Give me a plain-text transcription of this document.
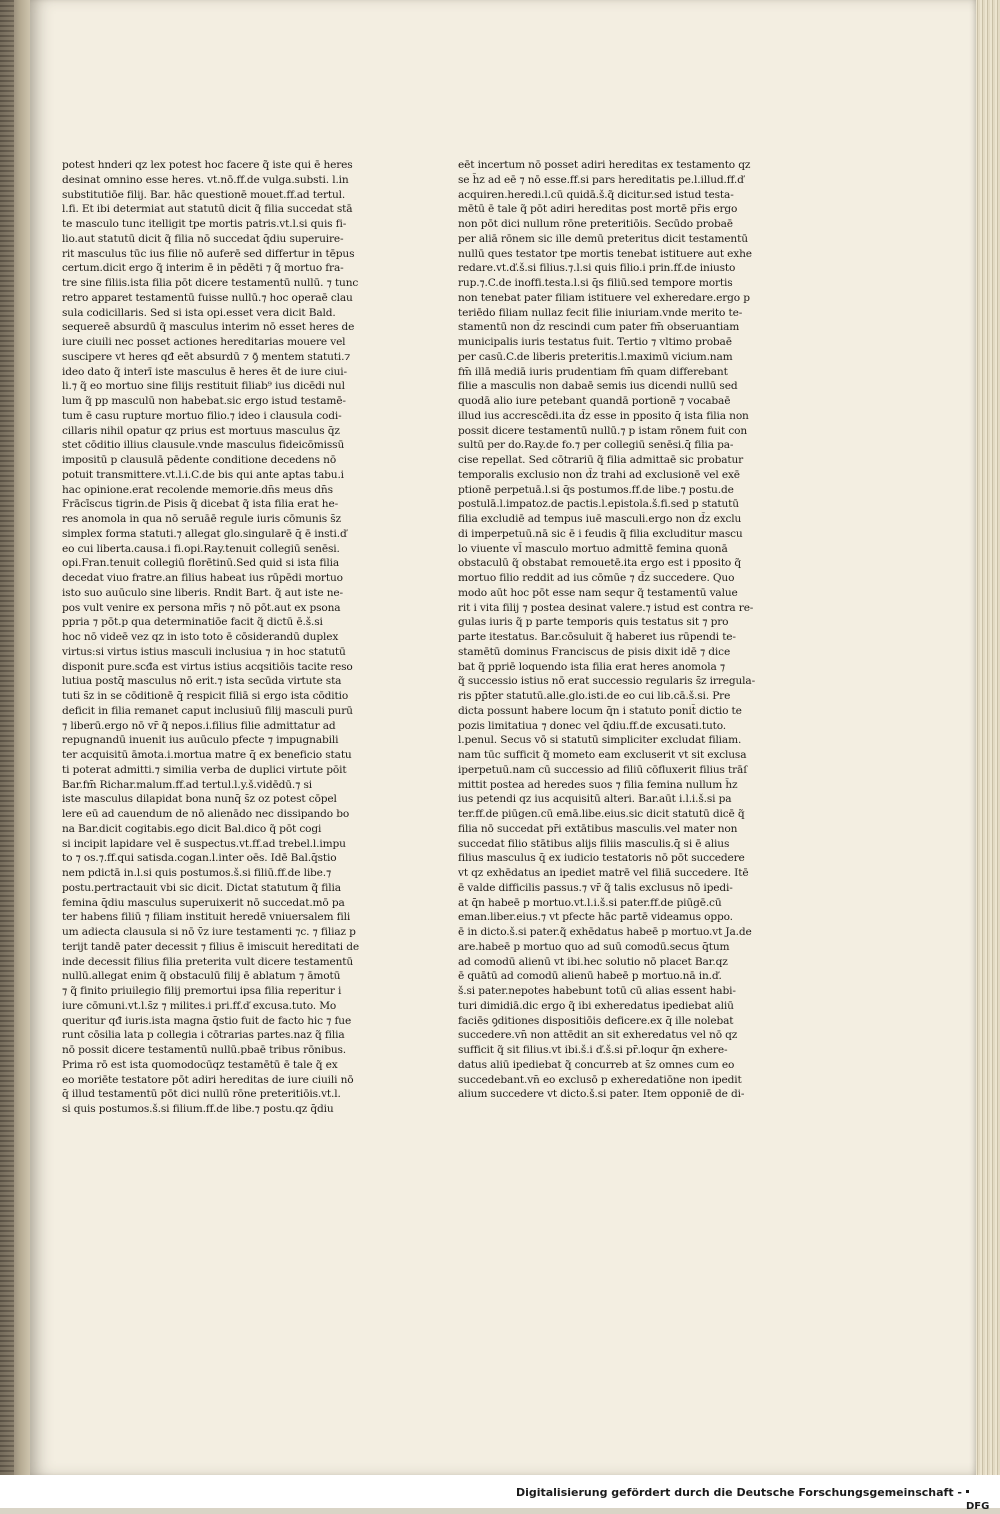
potest hnderi qz lex potest hoc facere q̃ iste qui ē heres
desinat omnino esse heres. vt.nō.ff.de vulga.substi. l.in
substitutiōe filij. Bar. hāc questionē mouet.ff.ad tertul.
l.fi. Et ibi determiat aut statutū dicit q̃ filia succedat stā
te masculo tunc itelligit tpe mortis patris.vt.l.si quis fi-
lio.aut statutū dicit q̃ filia nō succedat q̄diu superuire-
rit masculus tūc ius filie nō auferē sed differtur in tēpus
certum.dicit ergo q̃ interim ē in pēdēti ⁊ q̃ mortuo fra-
tre sine filiis.ista filia pōt dicere testamentū nullū. ⁊ tunc
retro apparet testamentū fuisse nullū.⁊ hoc operaē clau
sula codicillaris. Sed si ista opi.esset vera dicit Bald.
sequereē absurdū q̃ masculus interim nō esset heres de
iure ciuili nec posset actiones hereditarias mouere vel
suscipere vt heres qđ eēt absurdū ⁊ ꝯ̄ mentem statuti.⁊
ideo dato q̃ interī iste masculus ē heres ēt de iure ciui-
li.⁊ q̃ eo mortuo sine filijs restituit filiab⁹ ius dicēdi nul
lum q̃ pp masculū non habebat.sic ergo istud testamē-
tum ē casu rupture mortuo filio.⁊ ideo i clausula codi-
cillaris nihil opatur qz prius est mortuus masculus q̄z
stet cōditio illius clausule.vnde masculus fideicōmissū
impositū p clausulā pēdente conditione decedens nō
potuit transmittere.vt.l.i.C.de bis qui ante aptas tabu.i
hac opinione.erat recolende memorie.dn̄s meus dn̄s
Frācīscus tigrin.de Pisis q̃ dicebat q̃ ista filia erat he-
res anomola in qua nō seruāē regule iuris cōmunis s̄z
simplex forma statuti.⁊ allegat glo.singularē q̄ ē insti.ď
eo cui liberta.causa.i fi.opi.Ray.tenuit collegiū senēsi.
opi.Fran.tenuit collegiū florētinū.Sed quid si ista filia
decedat viuo fratre.an filius habeat ius rūpēdi mortuo
isto suo auūculo sine liberis. Rndit Bart. q̃ aut iste ne-
pos vult venire ex persona mr̄is ⁊ nō pōt.aut ex psona
ppria ⁊ pōt.p qua determinatiōe facit q̃ dictū ē.š.si
hoc nō videē vez qz in isto toto ē cōsiderandū duplex
virtus:si virtus istius masculi inclusiua ⁊ in hoc statutū
disponit pure.scđa est virtus istius acqsitiōis tacite reso
lutiua postq̄ masculus nō erit.⁊ ista secūda virtute sta
tuti s̄z in se cōditionē q̄ respicit filiā si ergo ista cōditio
deficit in filia remanet caput inclusiuū filij masculi purū
⁊ liberū.ergo nō vr̄ q̃ nepos.i.filius filie admittatur ad
repugnandū inuenit ius auūculo pfecte ⁊ impugnabili
ter acquisitū āmota.i.mortua matre q̄ ex beneficio statu
ti poterat admitti.⁊ similia verba de duplici virtute pōit
Bar.fm̄ Richar.malum.ff.ad tertul.l.y.š.vidēdū.⁊ si
iste masculus dilapidat bona nunq̄ s̄z oz potest cōpel
lere eū ad cauendum de nō alienādo nec dissipando bo
na Bar.dicit cogitabis.ego dicit Bal.dico q̃ pōt cogi
si incipit lapidare vel ē suspectus.vt.ff.ad trebel.l.impu
to ⁊ os.⁊.ff.qui satisda.cogan.l.inter oēs. Idē Bal.q̄stio
nem pdictā in.l.si quis postumos.š.si filiū.ff.de libe.⁊
postu.pertractauit vbi sic dicit. Dictat statutum q̃ filia
femina q̄diu masculus superuixerit nō succedat.mō pa
ter habens filiū ⁊ filiam instituit heredē vniuersalem fili
um adiecta clausula si nō v̄z iure testamenti ⁊c. ⁊ filiaz p
terijt tandē pater decessit ⁊ filius ē imiscuit hereditati de
inde decessit filius filia preterita vult dicere testamentū
nullū.allegat enim q̃ obstaculū filij ē ablatum ⁊ āmotū
⁊ q̃ finito priuilegio filij premortui ipsa filia reperitur i
iure cōmuni.vt.l.s̄z ⁊ milites.i pri.ff.ď excusa.tuto. Mo
queritur qđ iuris.ista magna q̄stio fuit de facto hic ⁊ fue
runt cōsilia lata p collegia i cōtrarias partes.naz q̃ filia
nō possit dicere testamentū nullū.pbaē tribus rōnibus.
Prima rō est ista quomodocūqz testamētū ē tale q̃ ex
eo moriēte testatore pōt adiri hereditas de iure ciuili nō
q̄ illud testamentū pōt dici nullū rōne preteritiōis.vt.l.
si quis postumos.š.si filium.ff.de libe.⁊ postu.qz q̄diu
eēt incertum nō posset adiri hereditas ex testamento qz
se h̄z ad eē ⁊ nō esse.ff.si pars hereditatis pe.l.illud.ff.ď
acquiren.heredi.l.cū quidā.š.q̃ dicitur.sed istud testa-
mētū ē tale q̃ pōt adiri hereditas post mortē pr̄is ergo
non pōt dici nullum rōne preteritiōis. Secūdo probaē
per aliā rōnem sic ille demū preteritus dicit testamentū
nullū ques testator tpe mortis tenebat istituere aut exhe
redare.vt.ď.š.si filius.⁊.l.si quis filio.i prin.ff.de iniusto
rup.⁊.C.de inoffi.testa.l.si q̄s filiū.sed tempore mortis
non tenebat pater filiam istituere vel exheredare.ergo p
teriēdo filiam nullaz fecit filie iniuriam.vnde merito te-
stamentū non d̄z rescindi cum pater fm̄ obseruantiam
municipalis iuris testatus fuit. Tertio ⁊ vltimo probaē
per casū.C.de liberis preteritis.l.maximū vicium.nam
fm̄ illā mediā iuris prudentiam fm̄ quam differebant
filie a masculis non dabaē semis ius dicendi nullū sed
quodā alio iure petebant quandā portionē ⁊ vocabaē
illud ius accrescēdi.ita d̄z esse in pposito q̄ ista filia non
possit dicere testamentū nullū.⁊ p istam rōnem fuit con
sultū per do.Ray.de fo.⁊ per collegiū senēsi.q̄ filia pa-
cise repellat. Sed cōtrariū q̃ filia admittaē sic probatur
temporalis exclusio non d̄z trahi ad exclusionē vel exē
ptionē perpetuā.l.si q̄s postumos.ff.de libe.⁊ postu.de
postulā.l.impatoz.de pactis.l.epistola.š.fi.sed p statutū
filia excludiē ad tempus iuē masculi.ergo non d̄z exclu
di imperpetuū.nā sic ē i feudis q̃ filia excluditur mascu
lo viuente vl̄ masculo mortuo admittē femina quonā
obstaculū q̃ obstabat remouetē.ita ergo est i pposito q̃
mortuo filio reddit ad ius cōmūe ⁊ d̄z succedere. Quo
modo aūt hoc pōt esse nam sequr q̃ testamentū value
rit i vita filij ⁊ postea desinat valere.⁊ istud est contra re-
gulas iuris q̃ p parte temporis quis testatus sit ⁊ pro
parte itestatus. Bar.cōsuluit q̃ haberet ius rūpendi te-
stamētū dominus Franciscus de pisis dixit idē ⁊ dice
bat q̃ ppriē loquendo ista filia erat heres anomola ⁊
q̃ successio istius nō erat successio regularis s̄z irregula-
ris pp̄ter statutū.alle.glo.isti.de eo cui lib.cā.š.si. Pre
dicta possunt habere locum q̄n i statuto ponit̄ dictio te
pozis limitatiua ⁊ donec vel q̄diu.ff.de excusati.tuto.
l.penul. Secus vō si statutū simpliciter excludat filiam.
nam tūc sufficit q̃ mometo eam excluserit vt sit exclusa
iperpetuū.nam cū successio ad filiū cōfluxerit filius trāſ
mittit postea ad heredes suos ⁊ filia femina nullum h̄z
ius petendi qz ius acquisitū alteri. Bar.aūt i.l.i.š.si pa
ter.ff.de piūgen.cū emā.libe.eius.sic dicit statutū dicē q̃
filia nō succedat pr̄i extātibus masculis.vel mater non
succedat filio stātibus alijs filiis masculis.q̄ si ē alius
filius masculus q̄ ex iudicio testatoris nō pōt succedere
vt qz exhēdatus an ipediet matrē vel filiā succedere. Itē
ē valde difficilis passus.⁊ vr̄ q̃ talis exclusus nō ipedi-
at q̄n habeē p mortuo.vt.l.i.š.si pater.ff.de piūgē.cū
eman.liber.eius.⁊ vt pfecte hāc partē videamus oppo.
ē in dicto.š.si pater.q̃ exhēdatus habeē p mortuo.vt Ja.de
are.habeē p mortuo quo ad suū comodū.secus q̄tum
ad comodū alienū vt ibi.hec solutio nō placet Bar.qz
ē quātū ad comodū alienū habeē p mortuo.nā in.ď.
š.si pater.nepotes habebunt totū cū alias essent habi-
turi dimidiā.dic ergo q̃ ibi exheredatus ipediebat aliū
faciēs ꝯditiones dispositiōis deficere.ex q̄ ille nolebat
succedere.vn̄ non attēdit an sit exheredatus vel nō qz
sufficit q̃ sit filius.vt ibi.š.i ď.š.si pr̄.loqur q̄n exhere-
datus aliū ipediebat q̃ concurreb at s̄z omnes cum eo
succedebant.vn̄ eo exclusō p exheredatiōne non ipedit
alium succedere vt dicto.š.si pater. Item opponiē de di-
Digitalisierung gefördert durch die Deutsche Forschungsgemeinschaft -
DFG
